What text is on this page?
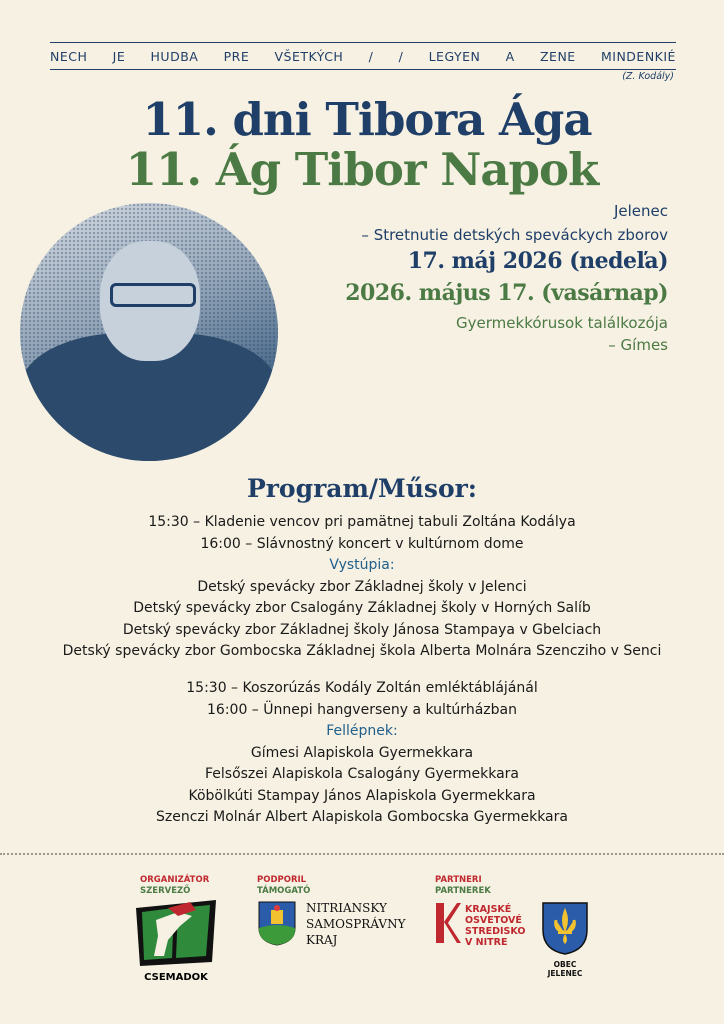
NECH JE HUDBA PRE VŠETKÝCH / / LEGYEN A ZENE MINDENKIÉ
(Z. Kodály)
11. dni Tibora Ága
11. Ág Tibor Napok
Jelenec
– Stretnutie detských speváckych zborov
17. máj 2026 (nedeľa)
2026. május 17. (vasárnap)
Gyermekkórusok találkozója
– Gímes
Program/Műsor:
15:30 – Kladenie vencov pri pamätnej tabuli Zoltána Kodálya
16:00 – Slávnostný koncert v kultúrnom dome
Vystúpia:
Detský spevácky zbor Základnej školy v Jelenci
Detský spevácky zbor Csalogány Základnej školy v Horných Salíb
Detský spevácky zbor Základnej školy Jánosa Stampaya v Gbelciach
Detský spevácky zbor Gombocska Základnej škola Alberta Molnára Szencziho v Senci
15:30 – Koszorúzás Kodály Zoltán emléktáblájánál
16:00 – Ünnepi hangverseny a kultúrházban
Fellépnek:
Gímesi Alapiskola Gyermekkara
Felsőszei Alapiskola Csalogány Gyermekkara
Köbölkúti Stampay János Alapiskola Gyermekkara
Szenczi Molnár Albert Alapiskola Gombocska Gyermekkara
ORGANIZÁTOR
SZERVEZŐ
CSEMADOK
PODPORIL
TÁMOGATÓ
NITRIANSKY
SAMOSPRÁVNY
KRAJ
PARTNERI
PARTNEREK
KRAJSKÉ
OSVETOVÉ
STREDISKO
V NITRE
OBEC
JELENEC
